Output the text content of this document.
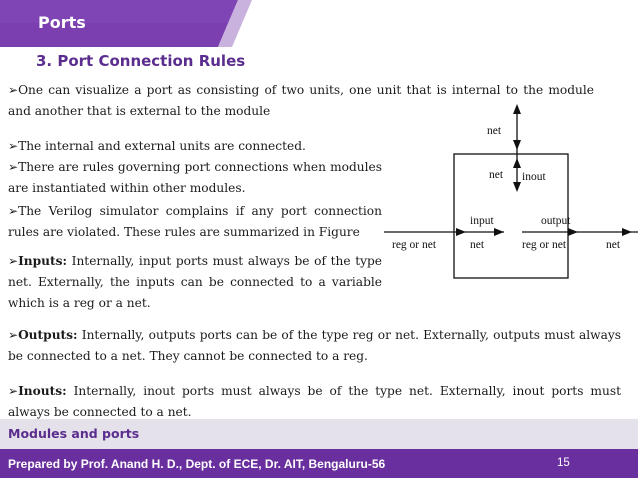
Ports
3. Port Connection Rules
➢One can visualize a port as consisting of two units, one unit that is internal to the module and another that is external to the module
➢The internal and external units are connected.
➢There are rules governing port connections when modules are instantiated within other modules.
➢The Verilog simulator complains if any port connection rules are violated. These rules are summarized in Figure
➢Inputs: Internally, input ports must always be of the type net. Externally, the inputs can be connected to a variable which is a reg or a net.
➢Outputs: Internally, outputs ports can be of the type reg or net. Externally, outputs must always be connected to a net. They cannot be connected to a reg.
➢Inouts: Internally, inout ports must always be of the type net. Externally, inout ports must always be connected to a net.
net
net inout
input
net
output
reg or net
reg or net	net
Modules and ports
Prepared by Prof. Anand H. D., Dept. of ECE, Dr. AIT, Bengaluru-56	15
